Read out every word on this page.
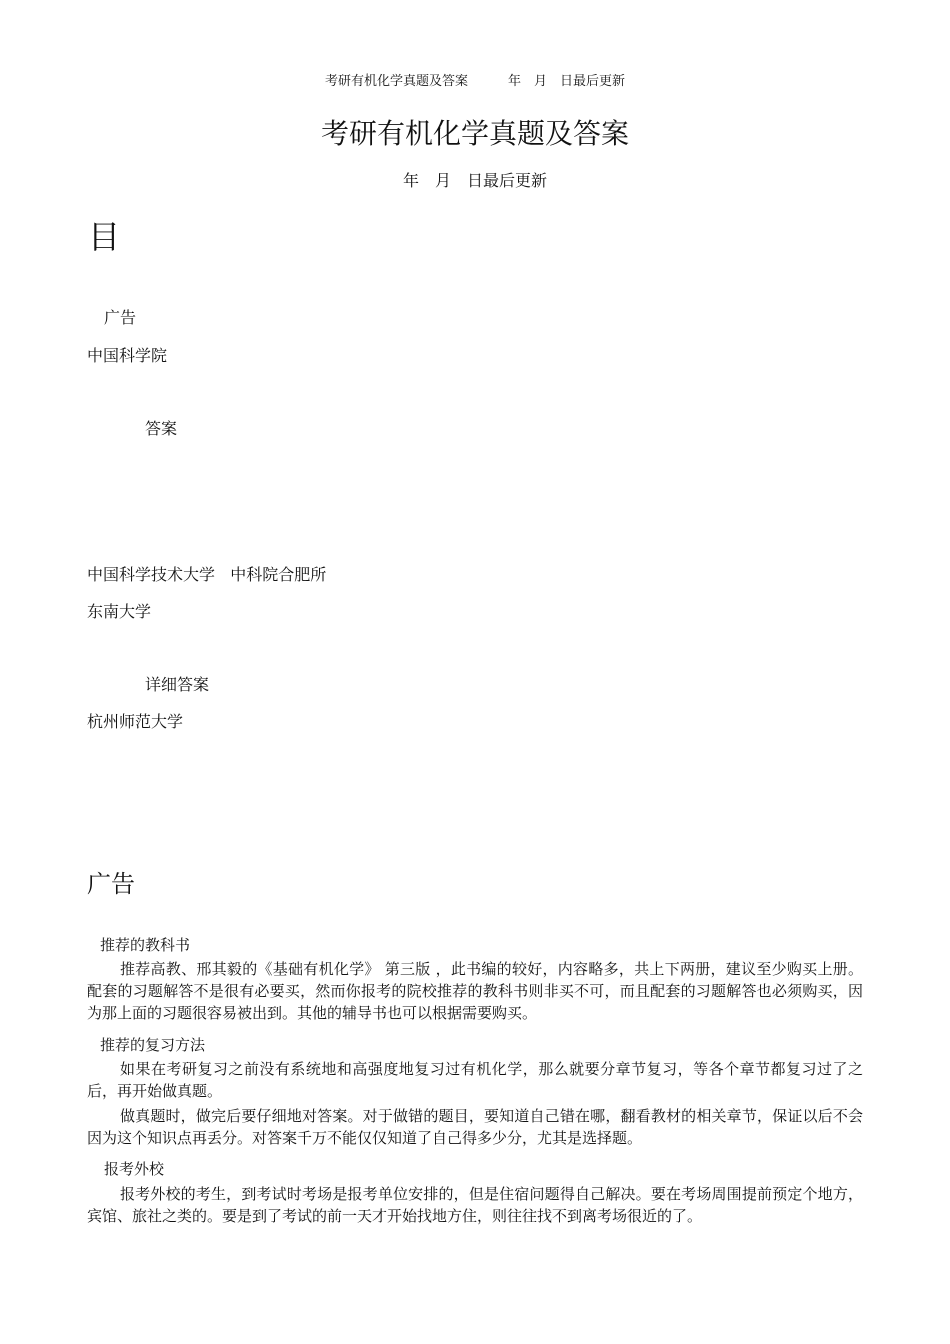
考研有机化学真题及答案	年　月　日最后更新
考研有机化学真题及答案
年　月　日最后更新
目
广告
中国科学院
答案
中国科学技术大学 中科院合肥所
东南大学
详细答案
杭州师范大学
广告
推荐的教科书
推荐高教、邢其毅的《基础有机化学》 第三版 ，此书编的较好，内容略多，共上下两册，建议至少购买上册。配套的习题解答不是很有必要买，然而你报考的院校推荐的教科书则非买不可，而且配套的习题解答也必须购买，因为那上面的习题很容易被出到。其他的辅导书也可以根据需要购买。
推荐的复习方法
如果在考研复习之前没有系统地和高强度地复习过有机化学，那么就要分章节复习，等各个章节都复习过了之后，再开始做真题。
做真题时，做完后要仔细地对答案。对于做错的题目，要知道自己错在哪，翻看教材的相关章节，保证以后不会因为这个知识点再丢分。对答案千万不能仅仅知道了自己得多少分，尤其是选择题。
报考外校
报考外校的考生，到考试时考场是报考单位安排的，但是住宿问题得自己解决。要在考场周围提前预定个地方，宾馆、旅社之类的。要是到了考试的前一天才开始找地方住，则往往找不到离考场很近的了。
